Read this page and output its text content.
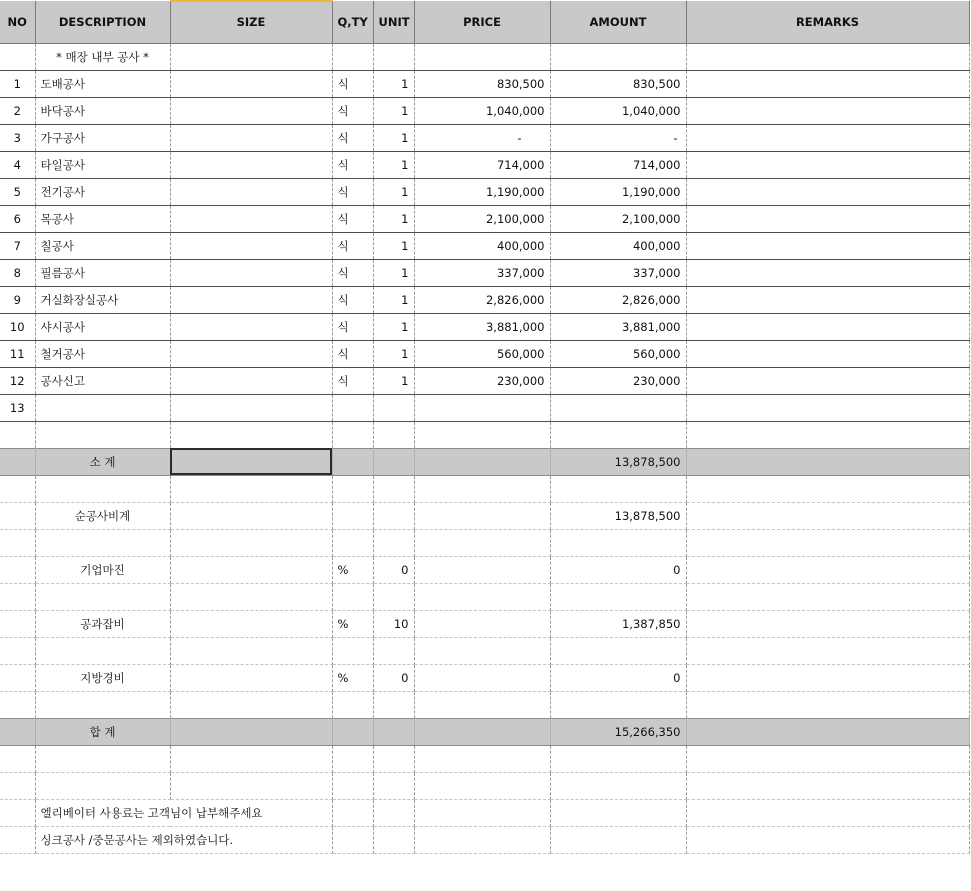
NO	DESCRIPTION	SIZE	Q,TY	UNIT	PRICE	AMOUNT	REMARKS
	* 매장 내부 공사 *						
1	도배공사		식	1	830,500	830,500	
2	바닥공사		식	1	1,040,000	1,040,000	
3	가구공사		식	1	-	-	
4	타일공사		식	1	714,000	714,000	
5	전기공사		식	1	1,190,000	1,190,000	
6	목공사		식	1	2,100,000	2,100,000	
7	칠공사		식	1	400,000	400,000	
8	필름공사		식	1	337,000	337,000	
9	거실화장실공사		식	1	2,826,000	2,826,000	
10	샤시공사		식	1	3,881,000	3,881,000	
11	철거공사		식	1	560,000	560,000	
12	공사신고		식	1	230,000	230,000	
13							

	소 계					13,878,500	

	순공사비계					13,878,500	

	기업마진		%	0		0	

	공과잡비		%	10		1,387,850	

	지방경비		%	0		0	

	합 계					15,266,350	

	엘리베이터 사용료는 고객님이 납부해주세요						
	싱크공사 /중문공사는 제외하였습니다.						
